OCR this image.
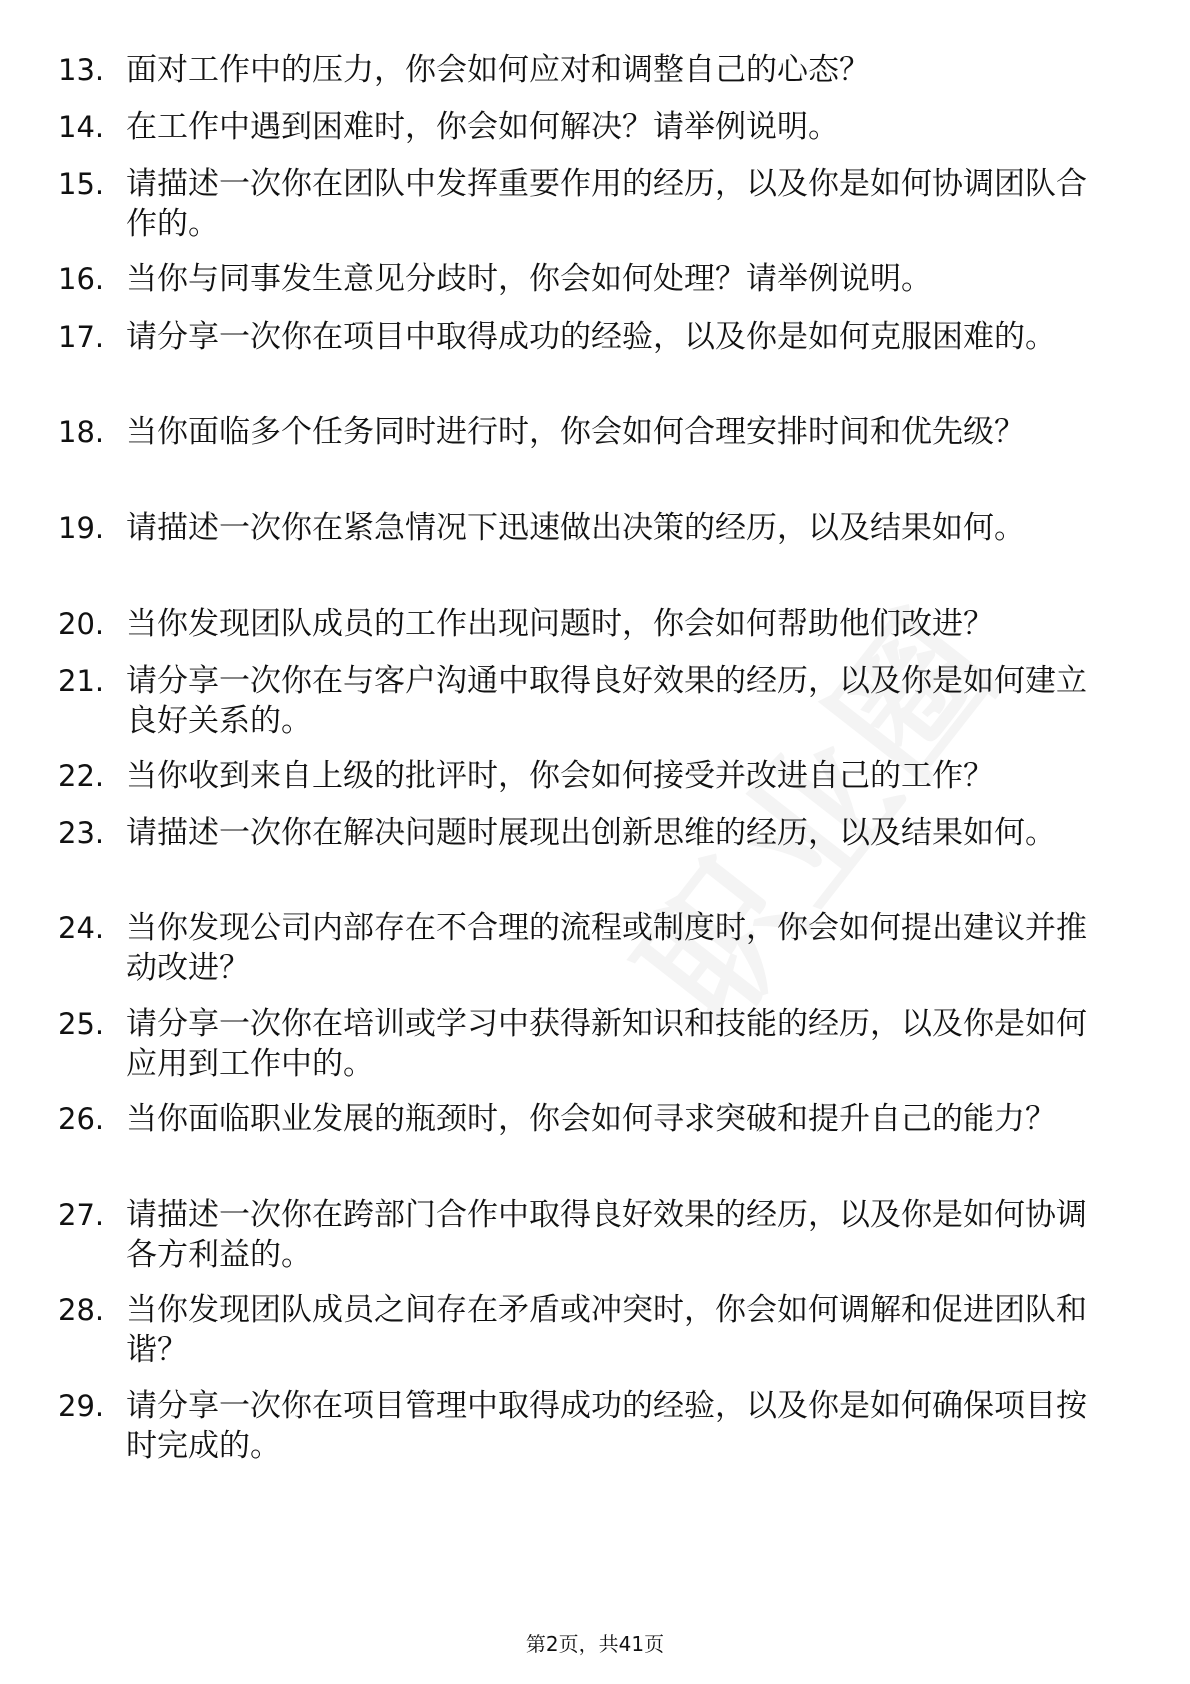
13. 面对工作中的压力，你会如何应对和调整自己的心态？
14. 在工作中遇到困难时，你会如何解决？请举例说明。
15. 请描述一次你在团队中发挥重要作用的经历，以及你是如何协调团队合作的。
16. 当你与同事发生意见分歧时，你会如何处理？请举例说明。
17. 请分享一次你在项目中取得成功的经验，以及你是如何克服困难的。
18. 当你面临多个任务同时进行时，你会如何合理安排时间和优先级？
19. 请描述一次你在紧急情况下迅速做出决策的经历，以及结果如何。
20. 当你发现团队成员的工作出现问题时，你会如何帮助他们改进？
21. 请分享一次你在与客户沟通中取得良好效果的经历，以及你是如何建立良好关系的。
22. 当你收到来自上级的批评时，你会如何接受并改进自己的工作？
23. 请描述一次你在解决问题时展现出创新思维的经历，以及结果如何。
24. 当你发现公司内部存在不合理的流程或制度时，你会如何提出建议并推动改进？
25. 请分享一次你在培训或学习中获得新知识和技能的经历，以及你是如何应用到工作中的。
26. 当你面临职业发展的瓶颈时，你会如何寻求突破和提升自己的能力？
27. 请描述一次你在跨部门合作中取得良好效果的经历，以及你是如何协调各方利益的。
28. 当你发现团队成员之间存在矛盾或冲突时，你会如何调解和促进团队和谐？
29. 请分享一次你在项目管理中取得成功的经验，以及你是如何确保项目按时完成的。
第2页，共41页
